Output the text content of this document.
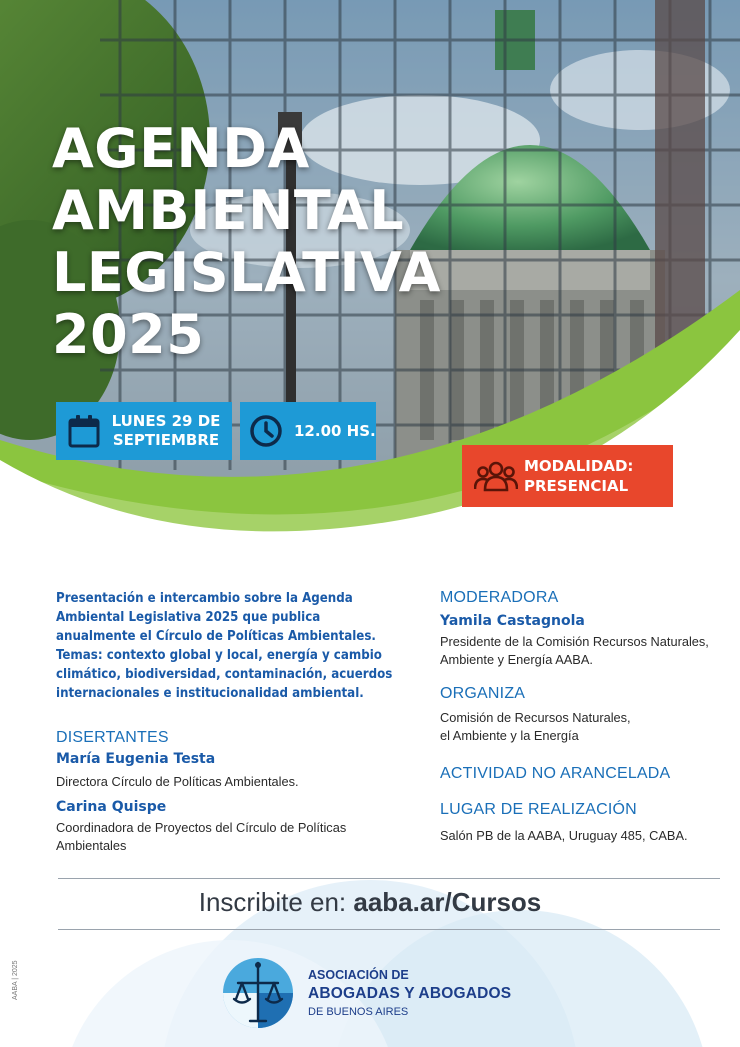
AGENDA
AMBIENTAL
LEGISLATIVA
2025
LUNES 29 DE
SEPTIEMBRE	12.00 HS.
MODALIDAD:
PRESENCIAL
Presentación e intercambio sobre la Agenda
Ambiental Legislativa 2025 que publica
anualmente el Círculo de Políticas Ambientales.
Temas: contexto global y local, energía y cambio
climático, biodiversidad, contaminación, acuerdos
internacionales e institucionalidad ambiental.
DISERTANTES
María Eugenia Testa
Directora Círculo de Políticas Ambientales.
Carina Quispe
Coordinadora de Proyectos del Círculo de Políticas
Ambientales
MODERADORA
Yamila Castagnola
Presidente de la Comisión Recursos Naturales,
Ambiente y Energía AABA.
ORGANIZA
Comisión de Recursos Naturales,
el Ambiente y la Energía
ACTIVIDAD NO ARANCELADA
LUGAR DE REALIZACIÓN
Salón PB de la AABA, Uruguay 485, CABA.
Inscribite en: aaba.ar/Cursos
ASOCIACIÓN DE
ABOGADAS Y ABOGADOS
DE BUENOS AIRES
AABA | 2025
